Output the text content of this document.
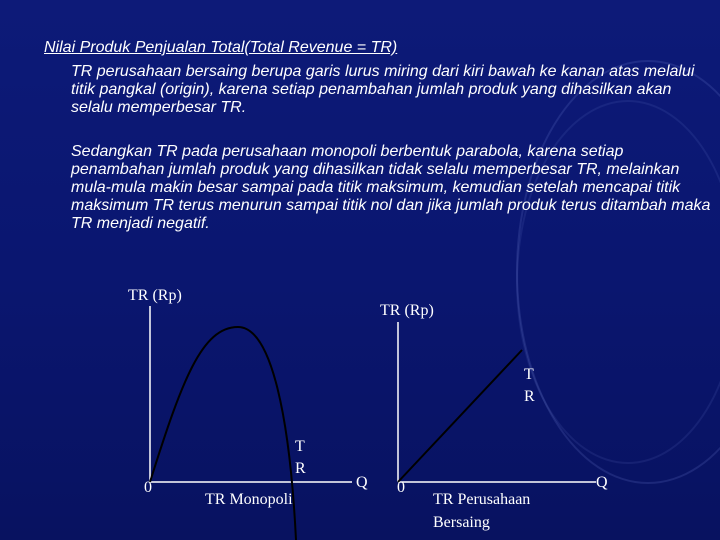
Nilai Produk Penjualan Total(Total Revenue = TR)
TR perusahaan bersaing berupa garis lurus miring dari kiri bawah ke kanan atas melalui titik pangkal (origin), karena setiap penambahan jumlah produk yang dihasilkan akan selalu memperbesar TR.
Sedangkan TR pada perusahaan monopoli berbentuk parabola, karena setiap penambahan jumlah produk yang dihasilkan tidak selalu memperbesar TR, melainkan mula-mula makin besar sampai pada titik maksimum, kemudian setelah mencapai titik maksimum TR terus menurun sampai titik nol dan jika jumlah produk terus ditambah maka TR menjadi negatif.
TR (Rp)
0
T
R
Q
TR Monopoli
TR (Rp)
T
R
0	Q
TR Perusahaan
Bersaing
